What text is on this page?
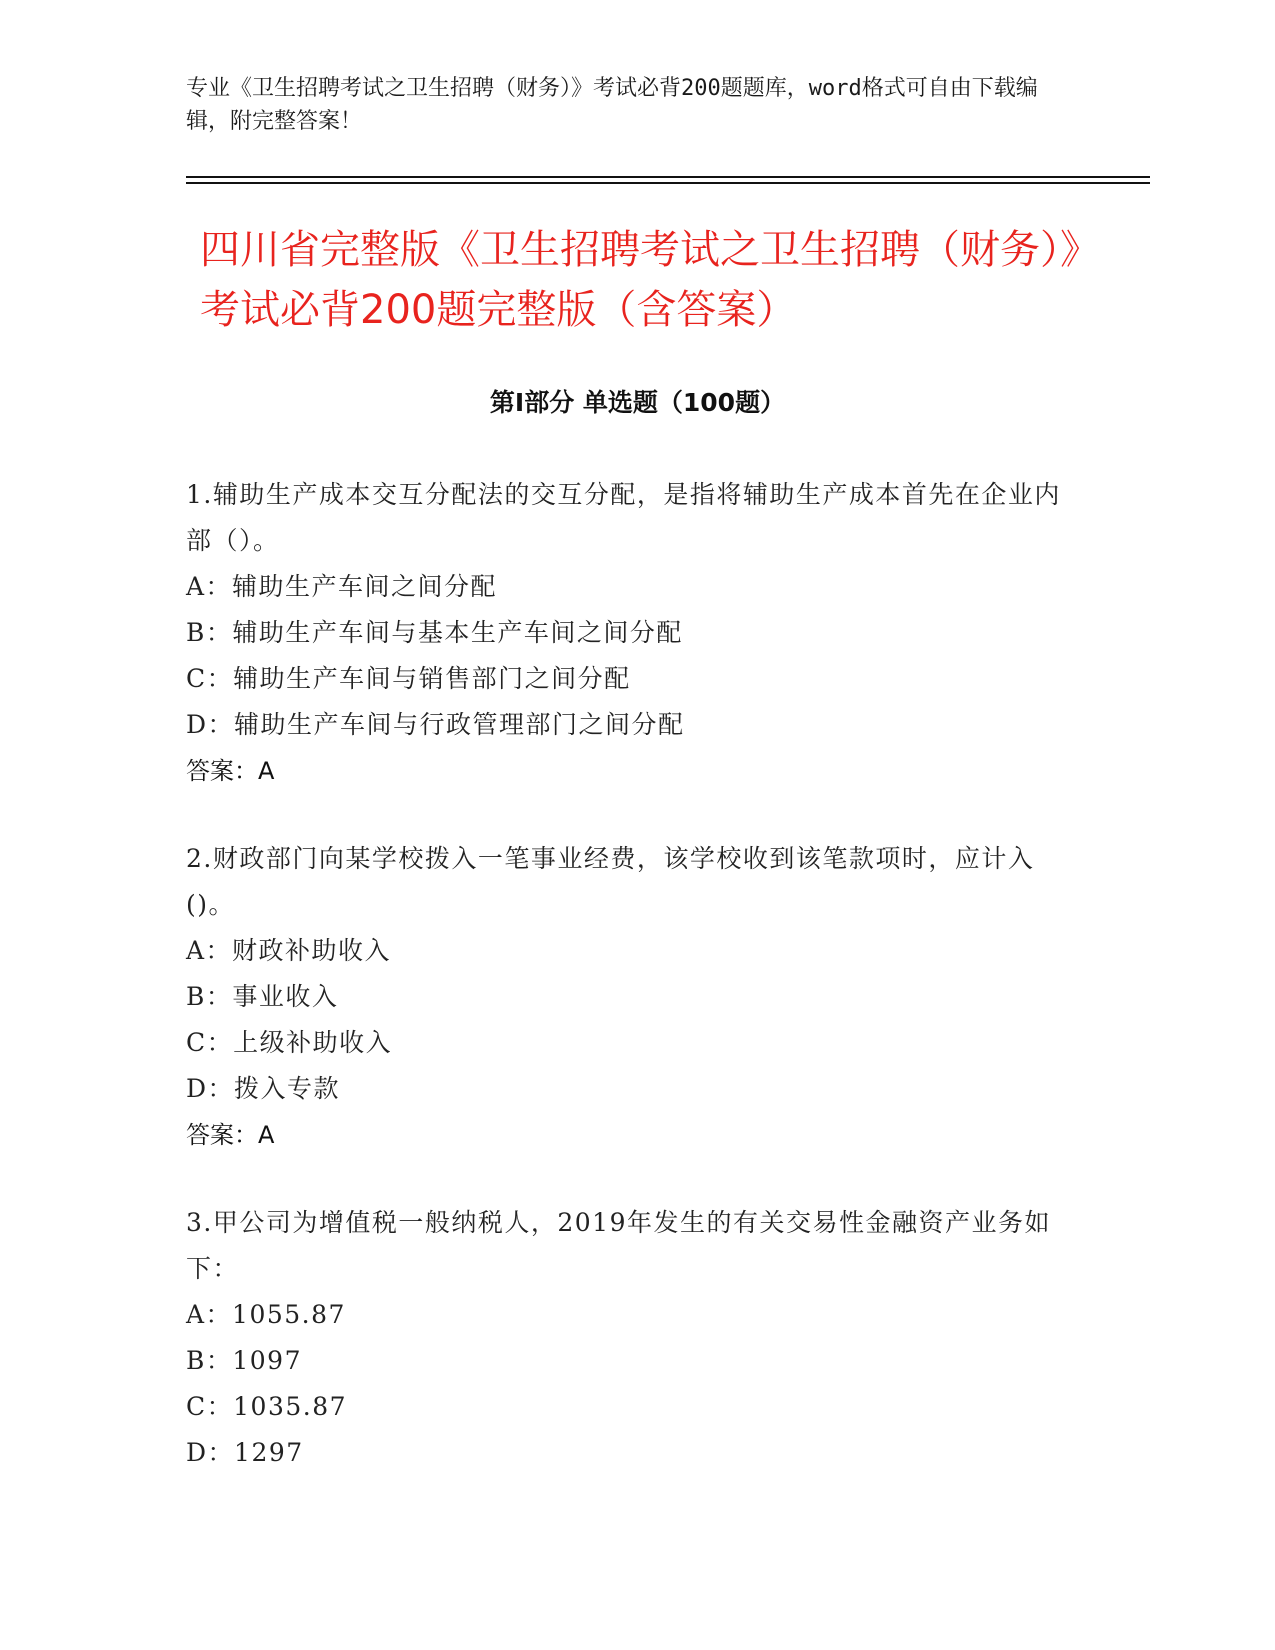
专业《卫生招聘考试之卫生招聘（财务）》考试必背200题题库，word格式可自由下载编辑，附完整答案！

四川省完整版《卫生招聘考试之卫生招聘（财务）》考试必背200题完整版（含答案）
第I部分 单选题（100题）

1.辅助生产成本交互分配法的交互分配，是指将辅助生产成本首先在企业内部（）。

A：辅助生产车间之间分配

B：辅助生产车间与基本生产车间之间分配

C：辅助生产车间与销售部门之间分配

D：辅助生产车间与行政管理部门之间分配

答案：A

2.财政部门向某学校拨入一笔事业经费，该学校收到该笔款项时，应计入()。

A：财政补助收入

B：事业收入

C：上级补助收入

D：拨入专款

答案：A

3.甲公司为增值税一般纳税人，2019年发生的有关交易性金融资产业务如下：

A：1055.87

B：1097

C：1035.87

D：1297
